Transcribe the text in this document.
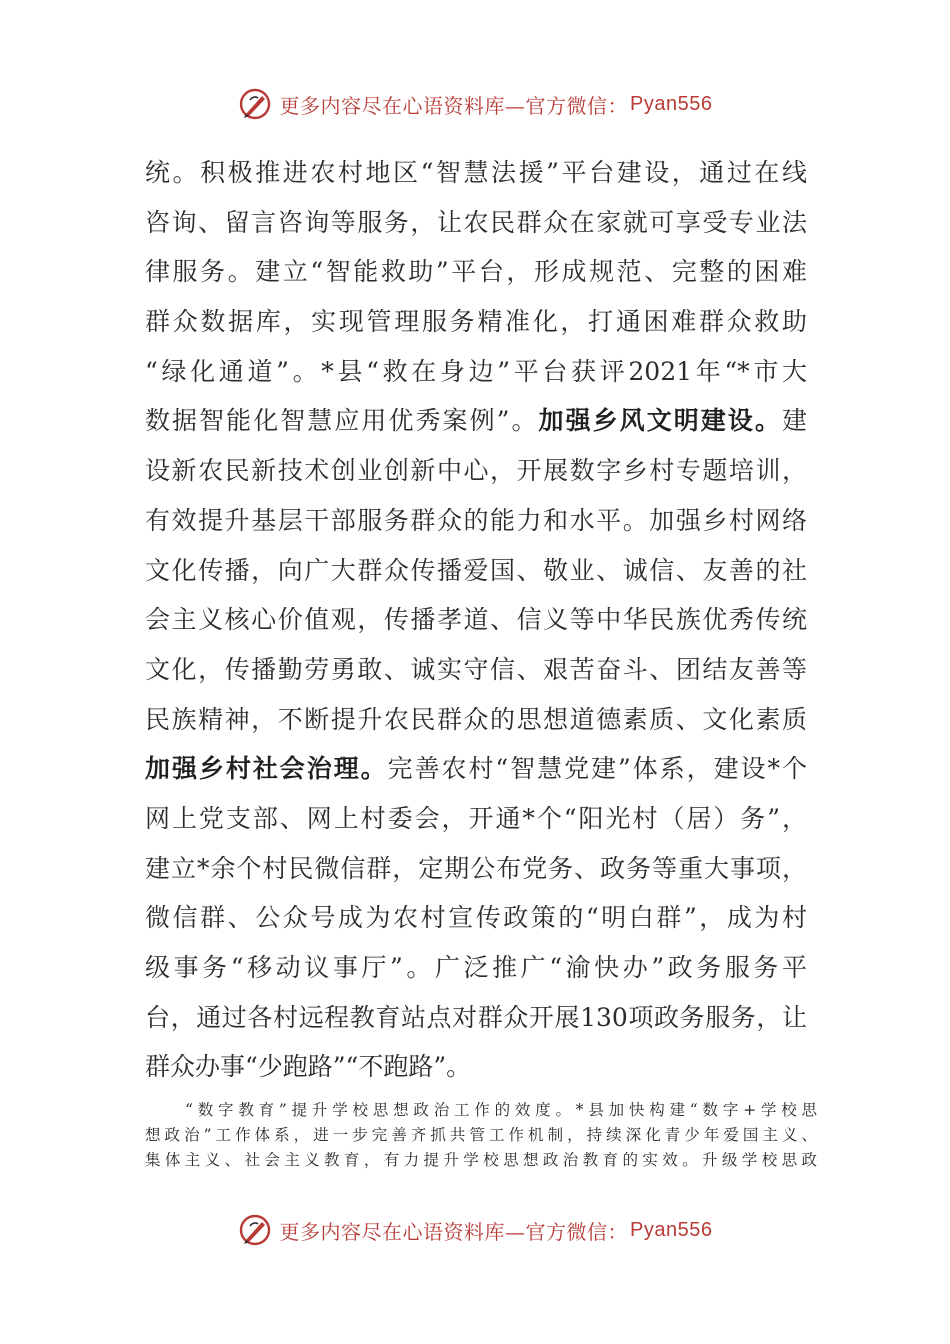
更多内容尽在心语资料库—官方微信： Pyan556
统。积极推进农村地区“智慧法援”平台建设，通过在线
咨询、留言咨询等服务，让农民群众在家就可享受专业法
律服务。建立“智能救助”平台，形成规范、完整的困难
群众数据库，实现管理服务精准化，打通困难群众救助
“绿化通道”。*县“救在身边”平台获评2021年“*市大
数据智能化智慧应用优秀案例”。加强乡风文明建设。建
设新农民新技术创业创新中心，开展数字乡村专题培训，
有效提升基层干部服务群众的能力和水平。加强乡村网络
文化传播，向广大群众传播爱国、敬业、诚信、友善的社
会主义核心价值观，传播孝道、信义等中华民族优秀传统
文化，传播勤劳勇敢、诚实守信、艰苦奋斗、团结友善等
民族精神，不断提升农民群众的思想道德素质、文化素质
加强乡村社会治理。完善农村“智慧党建”体系，建设*个
网上党支部、网上村委会，开通*个“阳光村（居）务”，
建立*余个村民微信群，定期公布党务、政务等重大事项，
微信群、公众号成为农村宣传政策的“明白群”，成为村
级事务“移动议事厅”。广泛推广“渝快办”政务服务平
台，通过各村远程教育站点对群众开展130项政务服务，让
群众办事“少跑路”“不跑路”。
“数字教育”提升学校思想政治工作的效度。*县加快构建“数字+学校思
想政治”工作体系，进一步完善齐抓共管工作机制，持续深化青少年爱国主义、
集体主义、社会主义教育，有力提升学校思想政治教育的实效。升级学校思政
更多内容尽在心语资料库—官方微信： Pyan556
